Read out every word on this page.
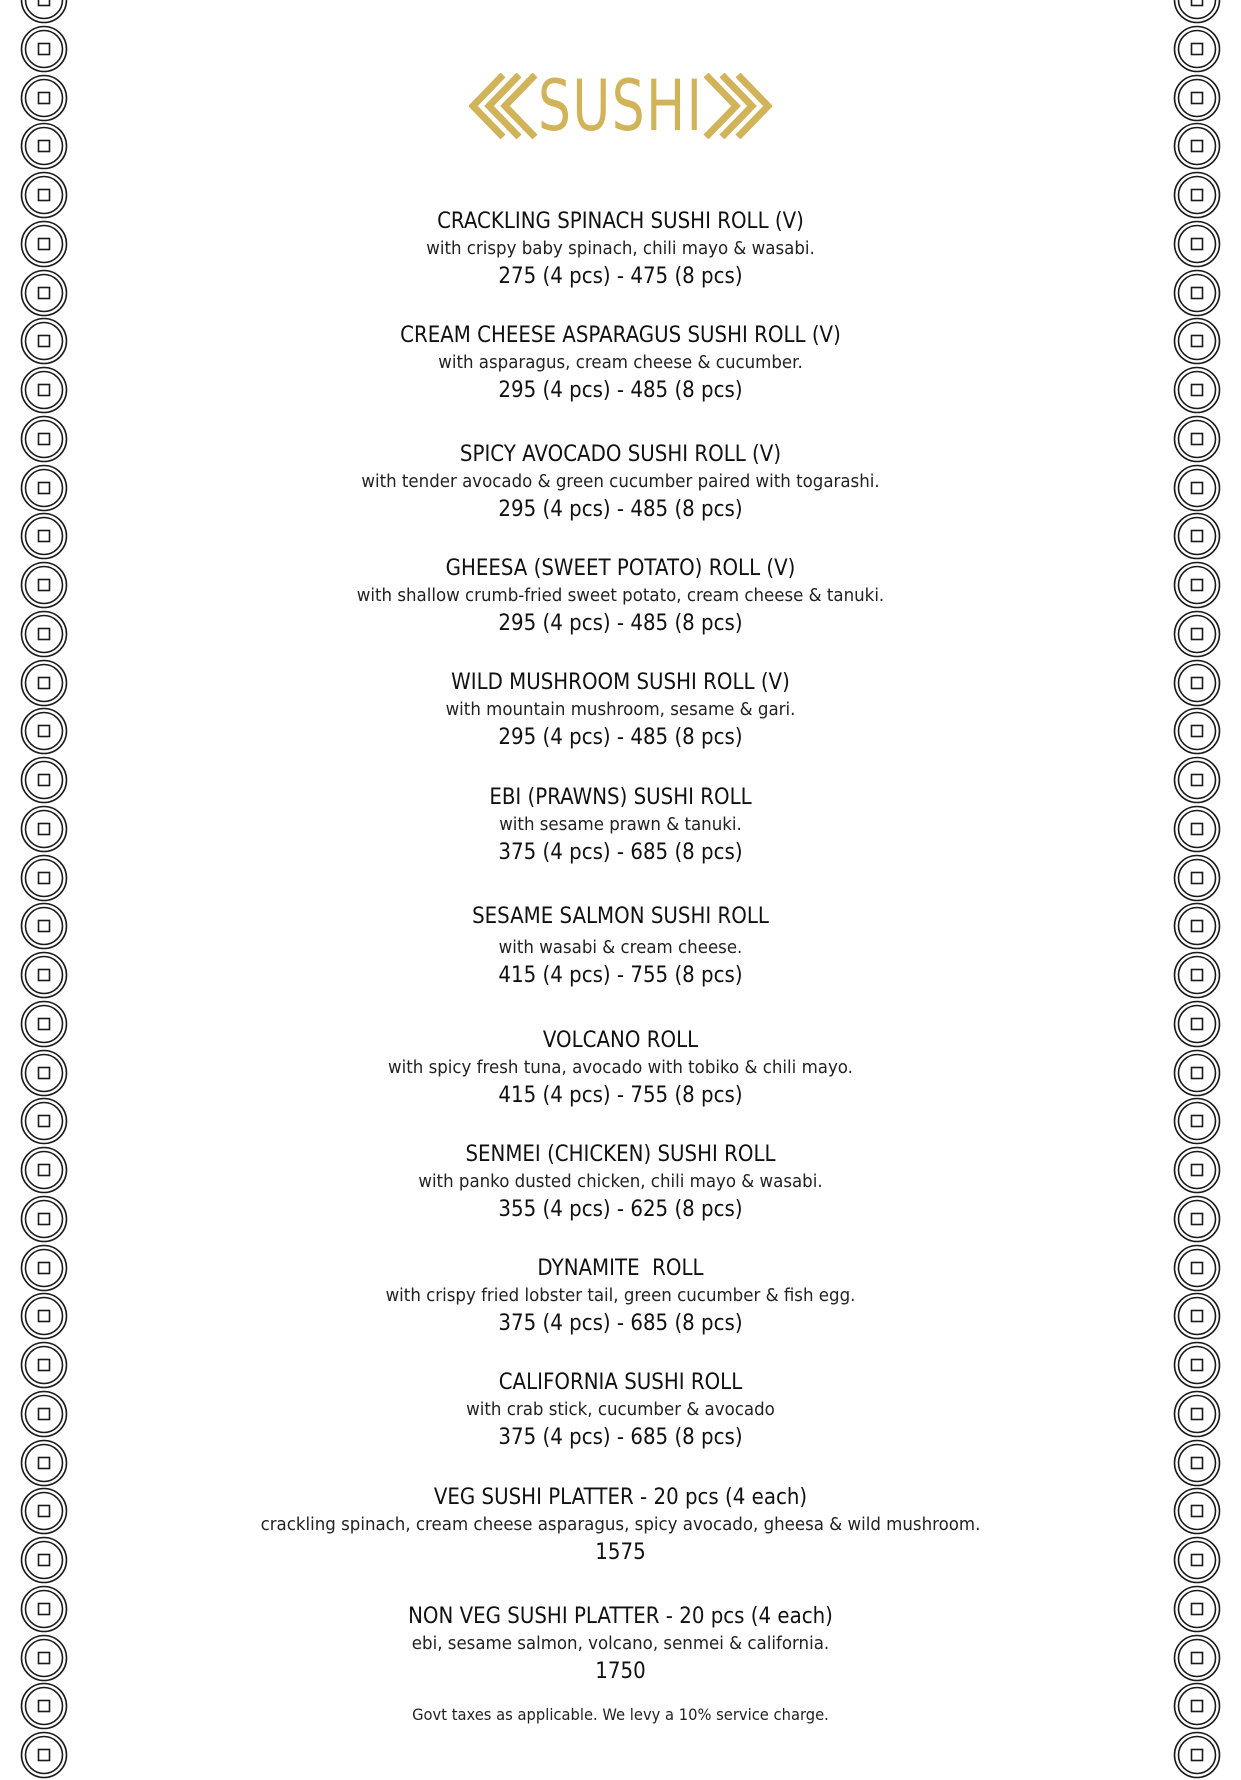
SUSHI
CRACKLING SPINACH SUSHI ROLL (V)
with crispy baby spinach, chili mayo & wasabi.
275 (4 pcs) - 475 (8 pcs)
CREAM CHEESE ASPARAGUS SUSHI ROLL (V)
with asparagus, cream cheese & cucumber.
295 (4 pcs) - 485 (8 pcs)
SPICY AVOCADO SUSHI ROLL (V)
with tender avocado & green cucumber paired with togarashi.
295 (4 pcs) - 485 (8 pcs)
GHEESA (SWEET POTATO) ROLL (V)
with shallow crumb-fried sweet potato, cream cheese & tanuki.
295 (4 pcs) - 485 (8 pcs)
WILD MUSHROOM SUSHI ROLL (V)
with mountain mushroom, sesame & gari.
295 (4 pcs) - 485 (8 pcs)
EBI (PRAWNS) SUSHI ROLL
with sesame prawn & tanuki.
375 (4 pcs) - 685 (8 pcs)
SESAME SALMON SUSHI ROLL
with wasabi & cream cheese.
415 (4 pcs) - 755 (8 pcs)
VOLCANO ROLL
with spicy fresh tuna, avocado with tobiko & chili mayo.
415 (4 pcs) - 755 (8 pcs)
SENMEI (CHICKEN) SUSHI ROLL
with panko dusted chicken, chili mayo & wasabi.
355 (4 pcs) - 625 (8 pcs)
DYNAMITE  ROLL
with crispy fried lobster tail, green cucumber & fish egg.
375 (4 pcs) - 685 (8 pcs)
CALIFORNIA SUSHI ROLL
with crab stick, cucumber & avocado
375 (4 pcs) - 685 (8 pcs)
VEG SUSHI PLATTER - 20 pcs (4 each)
crackling spinach, cream cheese asparagus, spicy avocado, gheesa & wild mushroom.
1575
NON VEG SUSHI PLATTER - 20 pcs (4 each)
ebi, sesame salmon, volcano, senmei & california.
1750
Govt taxes as applicable. We levy a 10% service charge.
